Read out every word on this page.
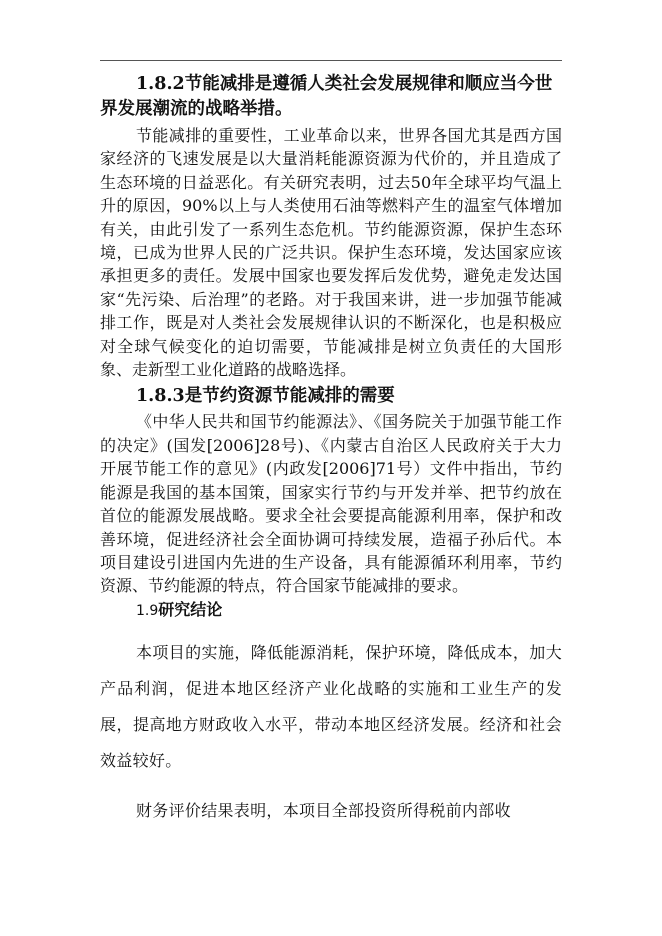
1.8.2节能减排是遵循人类社会发展规律和顺应当今世界发展潮流的战略举措。

节能减排的重要性，工业革命以来，世界各国尤其是西方国家经济的飞速发展是以大量消耗能源资源为代价的，并且造成了生态环境的日益恶化。有关研究表明，过去50年全球平均气温上升的原因，90%以上与人类使用石油等燃料产生的温室气体增加有关，由此引发了一系列生态危机。节约能源资源，保护生态环境，已成为世界人民的广泛共识。保护生态环境，发达国家应该承担更多的责任。发展中国家也要发挥后发优势，避免走发达国家“先污染、后治理”的老路。对于我国来讲，进一步加强节能减排工作，既是对人类社会发展规律认识的不断深化，也是积极应对全球气候变化的迫切需要，节能减排是树立负责任的大国形象、走新型工业化道路的战略选择。

1.8.3是节约资源节能减排的需要

《中华人民共和国节约能源法》、《国务院关于加强节能工作的决定》(国发[2006]28号)、《内蒙古自治区人民政府关于大力开展节能工作的意见》(内政发[2006]71号）文件中指出，节约能源是我国的基本国策，国家实行节约与开发并举、把节约放在首位的能源发展战略。要求全社会要提高能源利用率，保护和改善环境，促进经济社会全面协调可持续发展，造福子孙后代。本项目建设引进国内先进的生产设备，具有能源循环利用率，节约资源、节约能源的特点，符合国家节能减排的要求。

1.9研究结论

本项目的实施，降低能源消耗，保护环境，降低成本，加大产品利润，促进本地区经济产业化战略的实施和工业生产的发展，提高地方财政收入水平，带动本地区经济发展。经济和社会效益较好。

财务评价结果表明，本项目全部投资所得税前内部收
